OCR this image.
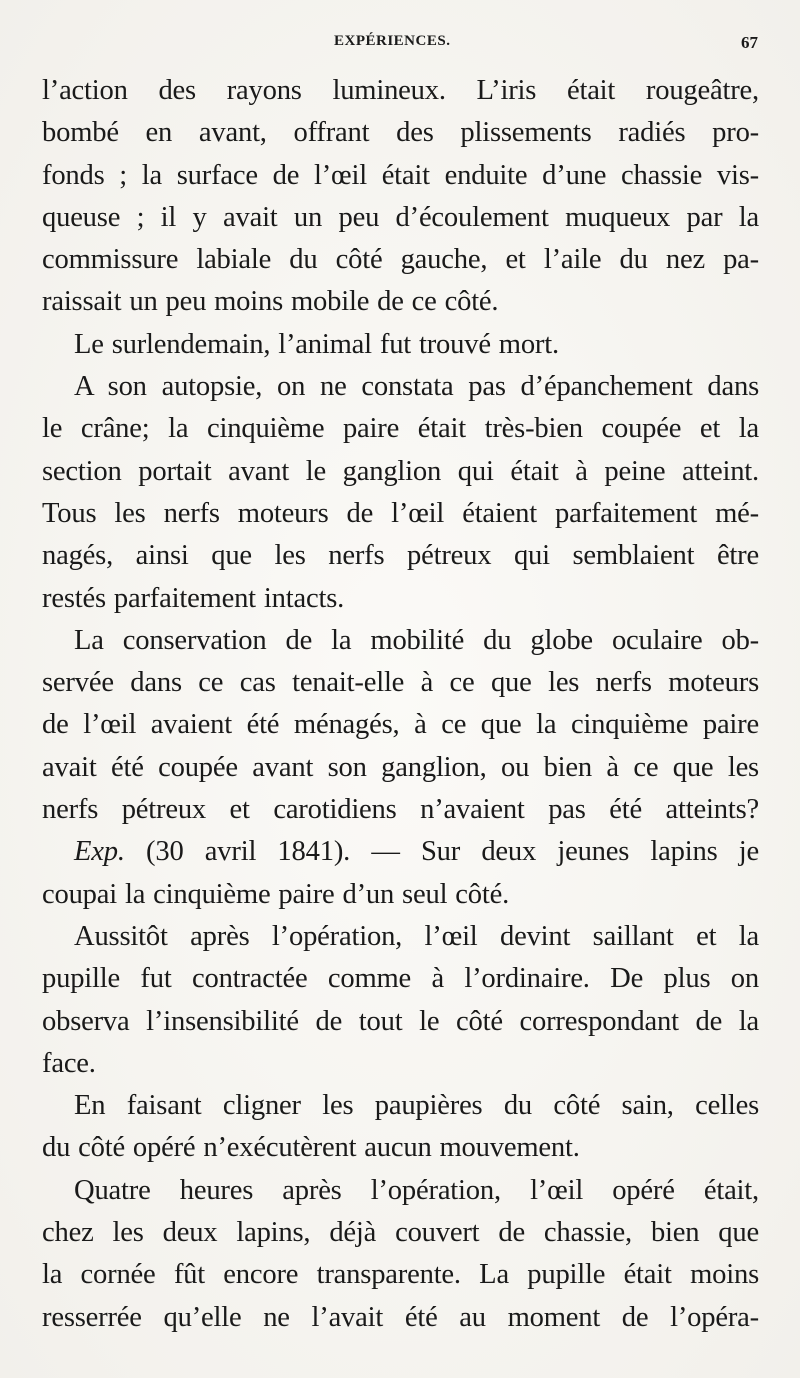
EXPÉRIENCES.	67
l’action des rayons lumineux. L’iris était rougeâtre,
bombé en avant, offrant des plissements radiés pro-
fonds ; la surface de l’œil était enduite d’une chassie vis-
queuse ; il y avait un peu d’écoulement muqueux par la
commissure labiale du côté gauche, et l’aile du nez pa-
raissait un peu moins mobile de ce côté.
Le surlendemain, l’animal fut trouvé mort.
A son autopsie, on ne constata pas d’épanchement dans
le crâne; la cinquième paire était très-bien coupée et la
section portait avant le ganglion qui était à peine atteint.
Tous les nerfs moteurs de l’œil étaient parfaitement mé-
nagés, ainsi que les nerfs pétreux qui semblaient être
restés parfaitement intacts.
La conservation de la mobilité du globe oculaire ob-
servée dans ce cas tenait-elle à ce que les nerfs moteurs
de l’œil avaient été ménagés, à ce que la cinquième paire
avait été coupée avant son ganglion, ou bien à ce que les
nerfs pétreux et carotidiens n’avaient pas été atteints?
Exp. (30 avril 1841). — Sur deux jeunes lapins je
coupai la cinquième paire d’un seul côté.
Aussitôt après l’opération, l’œil devint saillant et la
pupille fut contractée comme à l’ordinaire. De plus on
observa l’insensibilité de tout le côté correspondant de la
face.
En faisant cligner les paupières du côté sain, celles
du côté opéré n’exécutèrent aucun mouvement.
Quatre heures après l’opération, l’œil opéré était,
chez les deux lapins, déjà couvert de chassie, bien que
la cornée fût encore transparente. La pupille était moins
resserrée qu’elle ne l’avait été au moment de l’opéra-
